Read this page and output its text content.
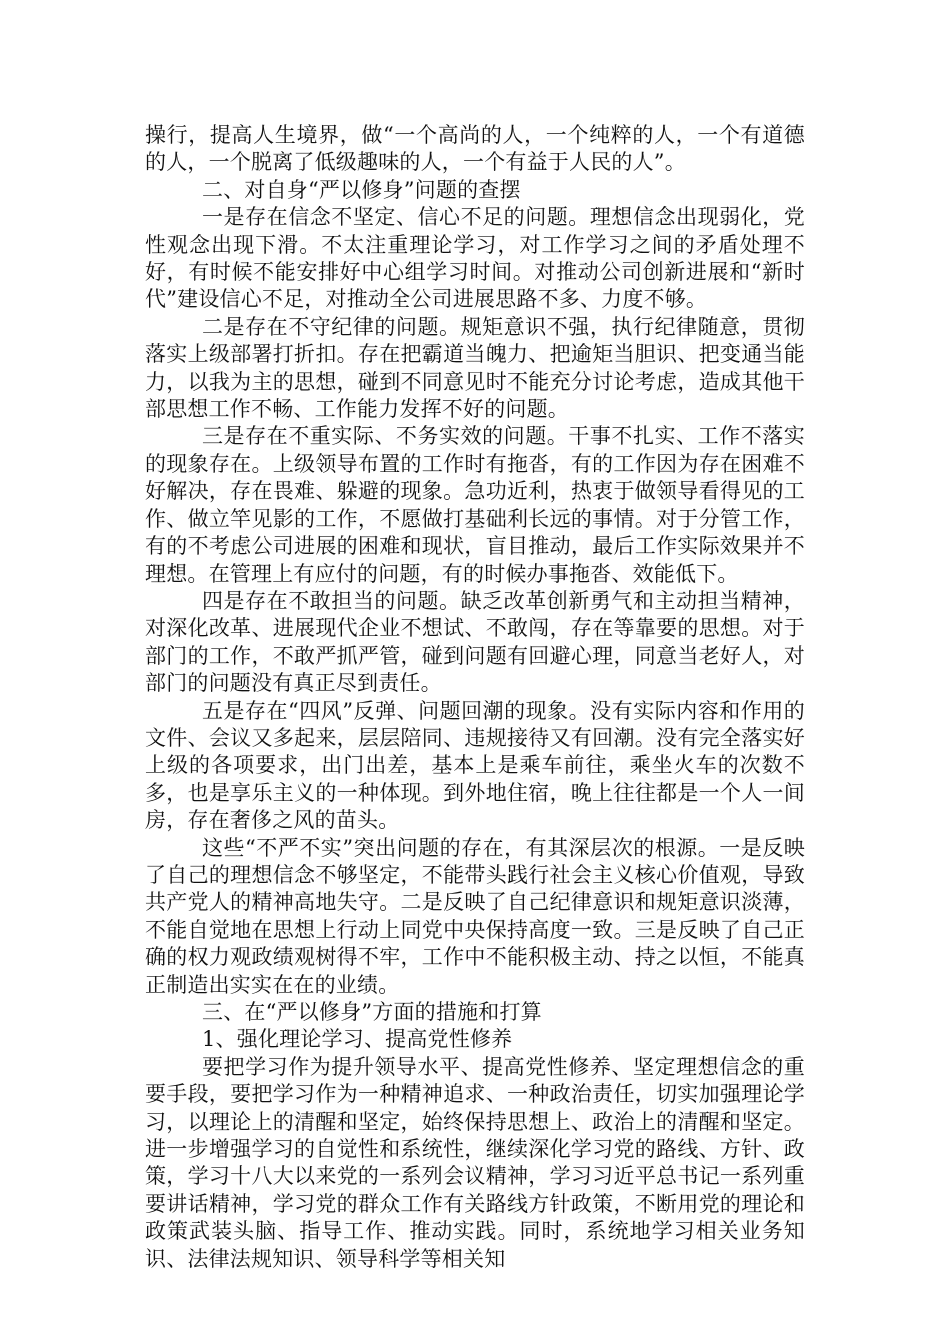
操行，提高人生境界，做“一个高尚的人，一个纯粹的人，一个有道德的人，一个脱离了低级趣味的人，一个有益于人民的人”。

二、对自身“严以修身”问题的查摆

一是存在信念不坚定、信心不足的问题。理想信念出现弱化，党性观念出现下滑。不太注重理论学习，对工作学习之间的矛盾处理不好，有时候不能安排好中心组学习时间。对推动公司创新进展和“新时代”建设信心不足，对推动全公司进展思路不多、力度不够。

二是存在不守纪律的问题。规矩意识不强，执行纪律随意，贯彻落实上级部署打折扣。存在把霸道当魄力、把逾矩当胆识、把变通当能力，以我为主的思想，碰到不同意见时不能充分讨论考虑，造成其他干部思想工作不畅、工作能力发挥不好的问题。

三是存在不重实际、不务实效的问题。干事不扎实、工作不落实的现象存在。上级领导布置的工作时有拖沓，有的工作因为存在困难不好解决，存在畏难、躲避的现象。急功近利，热衷于做领导看得见的工作、做立竿见影的工作，不愿做打基础利长远的事情。对于分管工作，有的不考虑公司进展的困难和现状，盲目推动，最后工作实际效果并不理想。在管理上有应付的问题，有的时候办事拖沓、效能低下。

四是存在不敢担当的问题。缺乏改革创新勇气和主动担当精神，对深化改革、进展现代企业不想试、不敢闯，存在等靠要的思想。对于部门的工作，不敢严抓严管，碰到问题有回避心理，同意当老好人，对部门的问题没有真正尽到责任。

五是存在“四风”反弹、问题回潮的现象。没有实际内容和作用的文件、会议又多起来，层层陪同、违规接待又有回潮。没有完全落实好上级的各项要求，出门出差，基本上是乘车前往，乘坐火车的次数不多，也是享乐主义的一种体现。到外地住宿，晚上往往都是一个人一间房，存在奢侈之风的苗头。

这些“不严不实”突出问题的存在，有其深层次的根源。一是反映了自己的理想信念不够坚定，不能带头践行社会主义核心价值观，导致共产党人的精神高地失守。二是反映了自己纪律意识和规矩意识淡薄，不能自觉地在思想上行动上同党中央保持高度一致。三是反映了自己正确的权力观政绩观树得不牢，工作中不能积极主动、持之以恒，不能真正制造出实实在在的业绩。

三、在“严以修身”方面的措施和打算

1、强化理论学习、提高党性修养

要把学习作为提升领导水平、提高党性修养、坚定理想信念的重要手段，要把学习作为一种精神追求、一种政治责任，切实加强理论学习，以理论上的清醒和坚定，始终保持思想上、政治上的清醒和坚定。进一步增强学习的自觉性和系统性，继续深化学习党的路线、方针、政策，学习十八大以来党的一系列会议精神，学习习近平总书记一系列重要讲话精神，学习党的群众工作有关路线方针政策，不断用党的理论和政策武装头脑、指导工作、推动实践。同时，系统地学习相关业务知识、法律法规知识、领导科学等相关知
